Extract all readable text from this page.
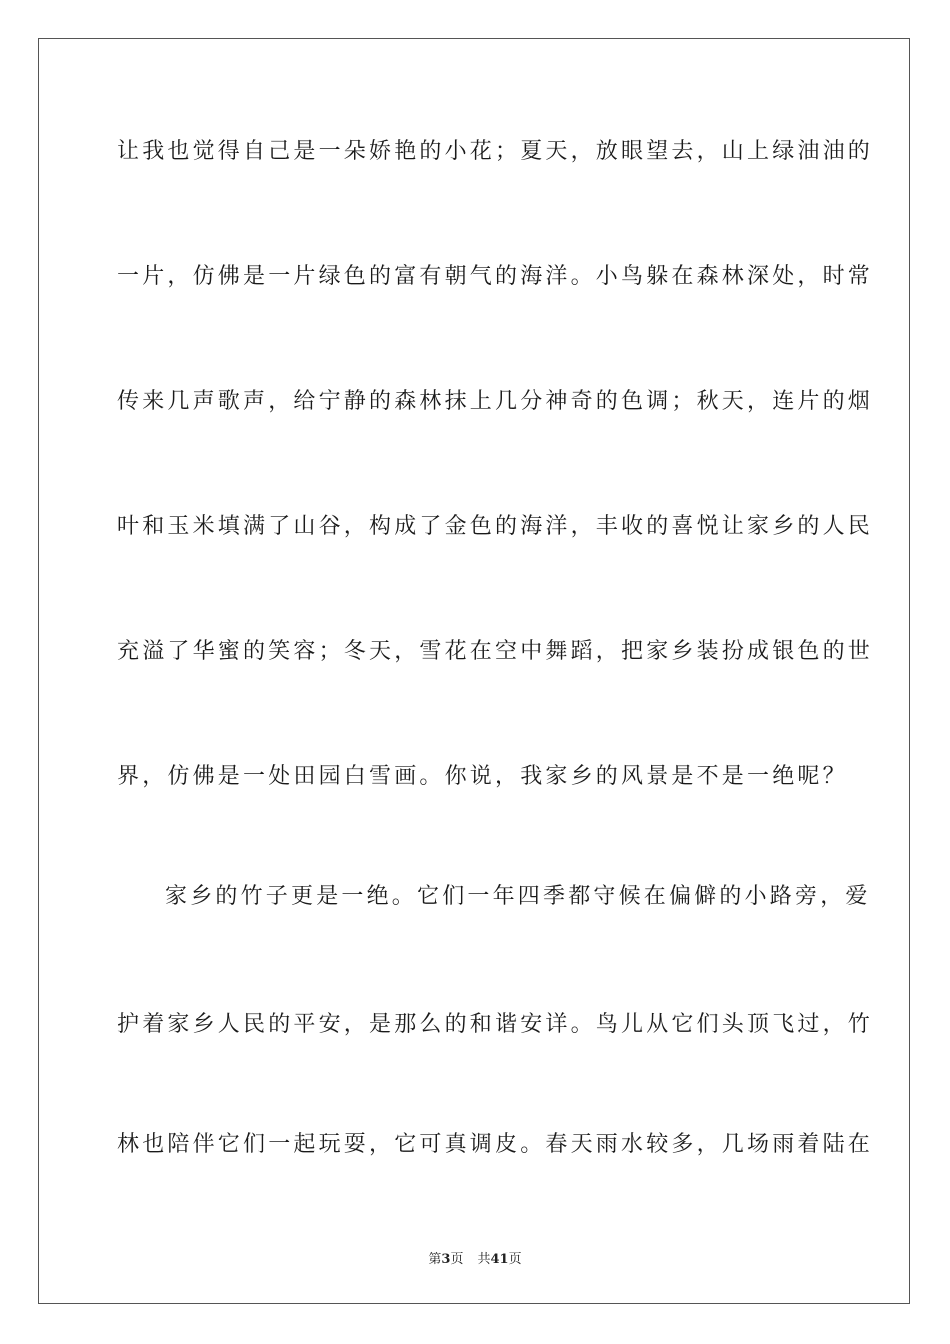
让我也觉得自己是一朵娇艳的小花；夏天，放眼望去，山上绿油油的
一片，仿佛是一片绿色的富有朝气的海洋。小鸟躲在森林深处，时常
传来几声歌声，给宁静的森林抹上几分神奇的色调；秋天，连片的烟
叶和玉米填满了山谷，构成了金色的海洋，丰收的喜悦让家乡的人民
充溢了华蜜的笑容；冬天，雪花在空中舞蹈，把家乡装扮成银色的世
界，仿佛是一处田园白雪画。你说，我家乡的风景是不是一绝呢？
家乡的竹子更是一绝。它们一年四季都守候在偏僻的小路旁，爱
护着家乡人民的平安，是那么的和谐安详。鸟儿从它们头顶飞过，竹
林也陪伴它们一起玩耍，它可真调皮。春天雨水较多，几场雨着陆在
第3页 共41页
